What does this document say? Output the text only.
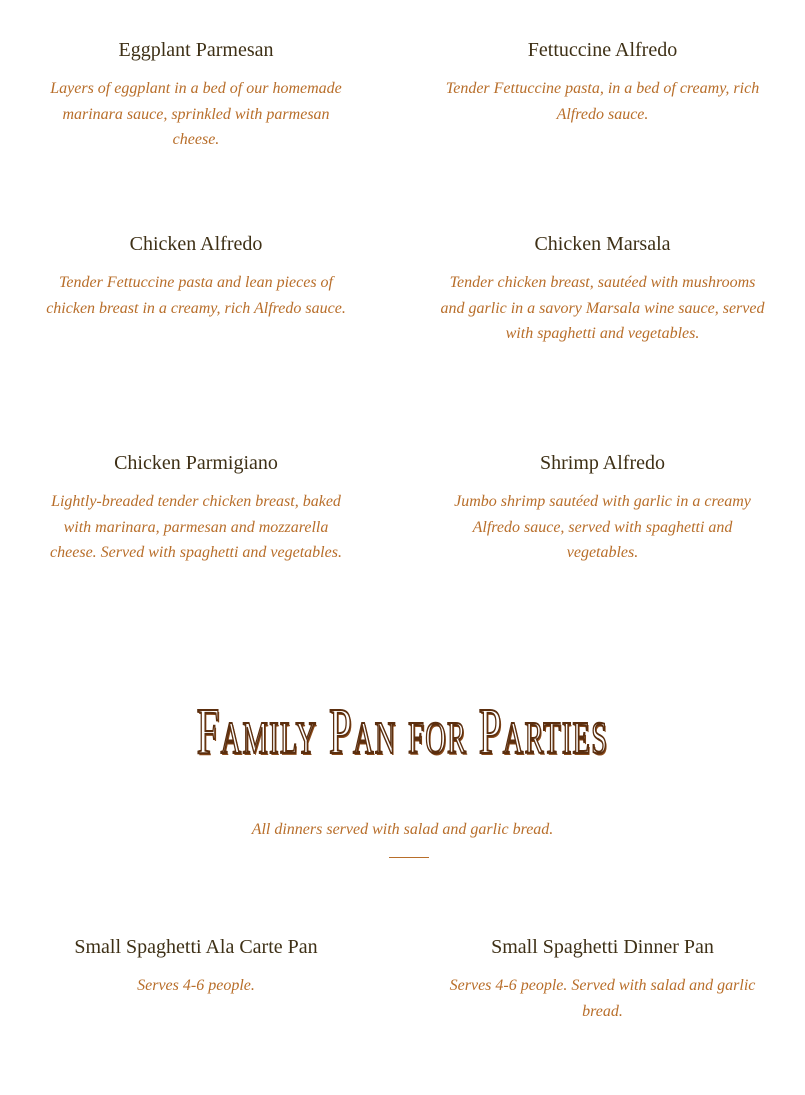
Eggplant Parmesan

Layers of eggplant in a bed of our homemade marinara sauce, sprinkled with parmesan cheese.

Fettuccine Alfredo

Tender Fettuccine pasta, in a bed of creamy, rich Alfredo sauce.

Chicken Alfredo

Tender Fettuccine pasta and lean pieces of chicken breast in a creamy, rich Alfredo sauce.

Chicken Marsala

Tender chicken breast, sautéed with mushrooms and garlic in a savory Marsala wine sauce, served with spaghetti and vegetables.

Chicken Parmigiano

Lightly-breaded tender chicken breast, baked with marinara, parmesan and mozzarella cheese. Served with spaghetti and vegetables.

Shrimp Alfredo

Jumbo shrimp sautéed with garlic in a creamy Alfredo sauce, served with spaghetti and vegetables.

Family Pan for Parties

All dinners served with salad and garlic bread.

Small Spaghetti Ala Carte Pan

Serves 4-6 people.

Small Spaghetti Dinner Pan

Serves 4-6 people. Served with salad and garlic bread.
